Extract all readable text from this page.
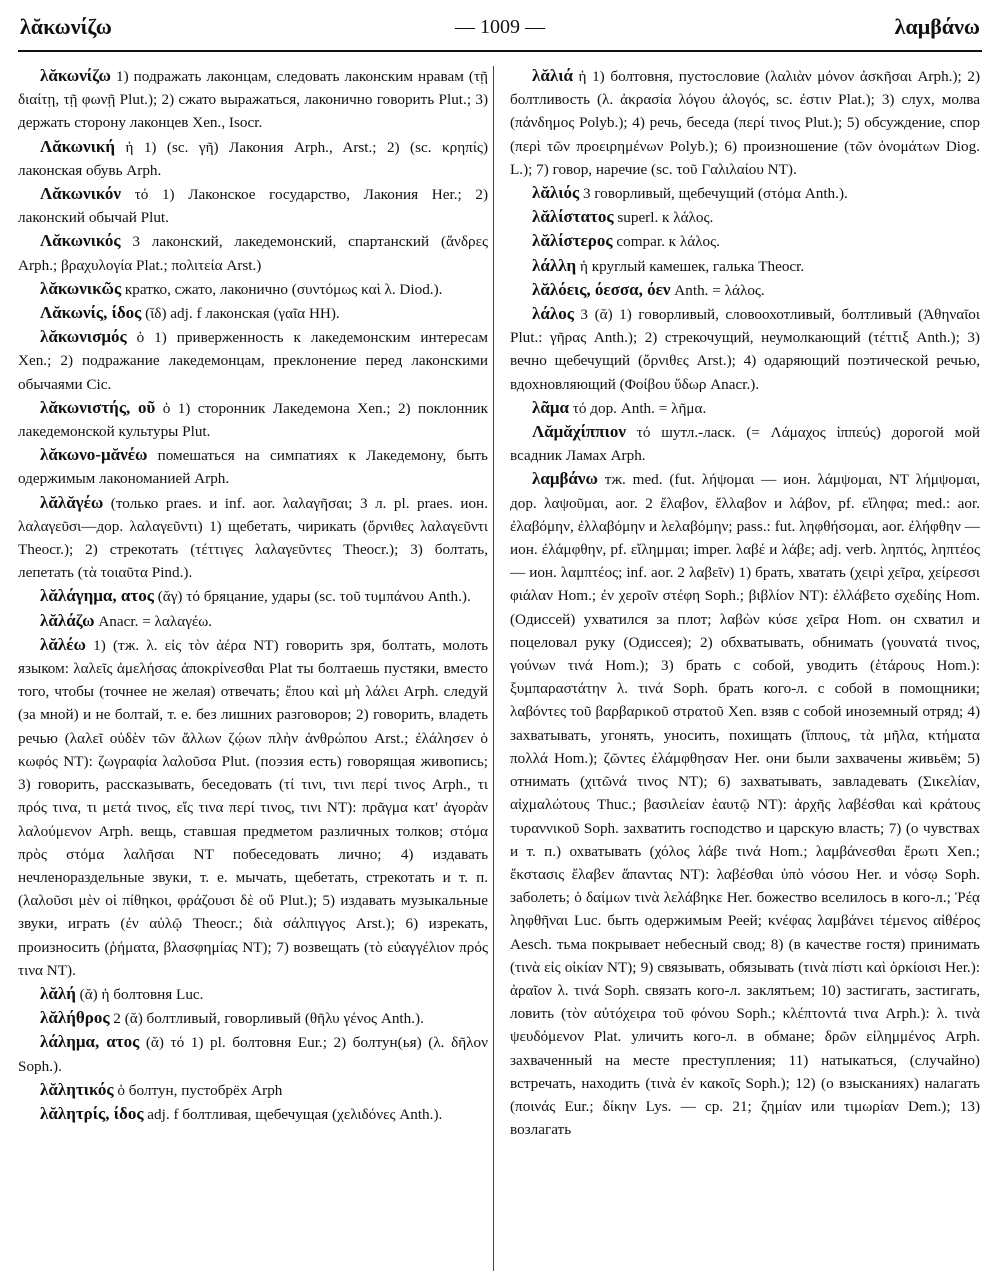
λᾰκωνίζω	— 1009 —	λαμβάνω

λᾰκωνίζω 1) подражать лаконцам, следовать лаконским нравам (τῇ διαίτῃ, τῇ φωνῇ Plut.); 2) сжато выражаться, лаконично говорить Plut.; 3) держать сторону лаконцев Xen., Isocr.

Λᾰκωνική ἡ 1) (sc. γῆ) Лакония Arph., Arst.; 2) (sc. κρηπίς) лаконская обувь Arph.

Λᾰκωνικόν τό 1) Лаконское государство, Лакония Her.; 2) лаконский обычай Plut.

Λᾰκωνικός 3 лаконский, лакедемонский, спартанский (ἄνδρες Arph.; βραχυλογία Plat.; πολιτεία Arst.)

λᾰκωνικῶς кратко, сжато, лаконично (συντόμως καὶ λ. Diod.).

Λᾰκωνίς, ίδος (ῐδ) adj. f лаконская (γαῖα HH).

λᾰκωνισμός ὁ 1) приверженность к лакедемонским интересам Xen.; 2) подражание лакедемонцам, преклонение перед лаконскими обычаями Cic.

λᾰκωνιστής, οῦ ὁ 1) сторонник Лакедемона Xen.; 2) поклонник лакедемонской культуры Plut.

λᾰκωνο-μᾰνέω помешаться на симпатиях к Лакедемону, быть одержимым лакономанией Arph.

λᾰλᾰγέω (только praes. и inf. aor. λαλαγῆσαι; 3 л. pl. praes. ион. λαλαγεῦσι—дор. λαλαγεῦντι) 1) щебетать, чирикать (ὄρνιθες λαλαγεῦντι Theocr.); 2) стрекотать (τέττιγες λαλαγεῦντες Theocr.); 3) болтать, лепетать (τὰ τοιαῦτα Pind.).

λᾰλάγημα, ατος (ᾰγ) τό бряцание, удары (sc. τοῦ τυμπάνου Anth.).

λᾰλάζω Anacr. = λαλαγέω.

λᾰλέω 1) (тж. λ. εἰς τὸν ἀέρα NT) говорить зря, болтать, молоть языком: λαλεῖς ἀμελήσας ἀποκρίνεσθαι Plat ты болтаешь пустяки, вместо того, чтобы (точнее не желая) отвечать; ἔπου καὶ μὴ λάλει Arph. следуй (за мной) и не болтай, т. е. без лишних разговоров; 2) говорить, владеть речью (λαλεῖ οὐδὲν τῶν ἄλλων ζῴων πλὴν ἀνθρώπου Arst.; ἐλάλησεν ὁ κωφός NT): ζωγραφία λαλοῦσα Plut. (поэзия есть) говорящая живопись; 3) говорить, рассказывать, беседовать (τί τινι, τινι περί τινος Arph., τι πρός τινα, τι μετά τινος, εἴς τινα περί τινος, τινι NT): πρᾶγμα κατ' ἀγορὰν λαλούμενον Arph. вещь, ставшая предметом различных толков; στόμα πρὸς στόμα λαλῆσαι NT побеседовать лично; 4) издавать нечленораздельные звуки, т. е. мычать, щебетать, стрекотать и т. п. (λαλοῦσι μὲν οἱ πίθηκοι, φράζουσι δὲ οὔ Plut.); 5) издавать музыкальные звуки, играть (ἐν αὐλῷ Theocr.; διὰ σάλπιγγος Arst.); 6) изрекать, произносить (ῥήματα, βλασφημίας NT); 7) возвещать (τὸ εὐαγγέλιον πρός τινα NT).

λᾰλή (ᾰ) ἡ болтовня Luc.

λᾰλήθρος 2 (ᾰ) болтливый, говорливый (θῆλυ γένος Anth.).

λάλημα, ατος (ᾰ) τό 1) pl. болтовня Eur.; 2) болтун(ья) (λ. δῆλον Soph.).

λᾰλητικός ὁ болтун, пустобрёх Arph

λᾰλητρίς, ίδος adj. f болтливая, щебечущая (χελιδόνες Anth.).

λᾰλιά ἡ 1) болтовня, пустословие (λαλιὰν μόνον ἀσκῆσαι Arph.); 2) болтливость (λ. ἀκρασία λόγου ἀλογός, sc. ἐστιν Plat.); 3) слух, молва (πάνδημος Polyb.); 4) речь, беседа (περί τινος Plut.); 5) обсуждение, спор (περὶ τῶν προειρημένων Polyb.); 6) произношение (τῶν ὀνομάτων Diog. L.); 7) говор, наречие (sc. τοῦ Γαλιλαίου NT).

λᾰλιός 3 говорливый, щебечущий (στόμα Anth.).

λᾰλίστατος superl. к λάλος.

λᾰλίστερος compar. к λάλος.

λάλλη ἡ круглый камешек, галька Theocr.

λᾰλόεις, όεσσα, όεν Anth. = λάλος.

λάλος 3 (ᾰ) 1) говорливый, словоохотливый, болтливый (Ἀθηναῖοι Plut.: γῆρας Anth.); 2) стрекочущий, неумолкающий (τέττιξ Anth.); 3) вечно щебечущий (ὄρνιθες Arst.); 4) одаряющий поэтической речью, вдохновляющий (Φοίβου ὕδωρ Anacr.).

λᾶμα τό дор. Anth. = λῆμα.

Λᾰμᾰχίππιον τό шутл.-ласк. (= Λάμαχος ἱππεύς) дорогой мой всадник Ламах Arph.

λαμβάνω тж. med. (fut. λήψομαι — ион. λάμψομαι, NT λήμψομαι, дор. λαψοῦμαι, aor. 2 ἔλαβον, ἔλλαβον и λάβον, pf. εἴληφα; med.: aor. ἐλαβόμην, ἐλλαβόμην и λελαβόμην; pass.: fut. ληφθήσομαι, aor. ἐλήφθην — ион. ἐλάμφθην, pf. εἴλημμαι; imper. λαβέ и λάβε; adj. verb. ληπτός, ληπτέος — ион. λαμπτέος; inf. aor. 2 λαβεῖν) 1) брать, хватать (χειρὶ χεῖρα, χείρεσσι φιάλαν Hom.; ἐν χεροῖν στέφη Soph.; βιβλίον NT): ἐλλάβετο σχεδίης Hom. (Одиссей) ухватился за плот; λαβὼν κύσε χεῖρα Hom. он схватил и поцеловал руку (Одиссея); 2) обхватывать, обнимать (γουνατά τινος, γούνων τινά Hom.); 3) брать с собой, уводить (ἑτάρους Hom.): ξυμπαραστάτην λ. τινά Soph. брать кого-л. с собой в помощники; λαβόντες τοῦ βαρβαρικοῦ στρατοῦ Xen. взяв с собой иноземный отряд; 4) захватывать, угонять, уносить, похищать (ἵππους, τὰ μῆλα, κτήματα πολλά Hom.); ζῶντες ἐλάμφθησαν Her. они были захвачены живьём; 5) отнимать (χιτῶνά τινος NT); 6) захватывать, завладевать (Σικελίαν, αἰχμαλώτους Thuc.; βασιλείαν ἑαυτῷ NT): ἀρχῆς λαβέσθαι καὶ κράτους τυραννικοῦ Soph. захватить господство и царскую власть; 7) (о чувствах и т. п.) охватывать (χόλος λάβε τινά Hom.; λαμβάνεσθαι ἔρωτι Xen.; ἔκστασις ἔλαβεν ἅπαντας NT): λαβέσθαι ὑπὸ νόσου Her. и νόσῳ Soph. заболеть; ὁ δαίμων τινὰ λελάβηκε Her. божество вселилось в кого-л.; Ῥέᾳ ληφθῆναι Luc. быть одержимым Реей; κνέφας λαμβάνει τέμενος αἰθέρος Aesch. тьма покрывает небесный свод; 8) (в качестве гостя) принимать (τινὰ εἰς οἰκίαν NT); 9) связывать, обязывать (τινὰ πίστι καὶ ὁρκίοισι Her.): ἀραῖον λ. τινά Soph. связать кого-л. заклятьем; 10) застигать, застигать, ловить (τὸν αὐτόχειρα τοῦ φόνου Soph.; κλέπτοντά τινα Arph.): λ. τινὰ ψευδόμενον Plat. уличить кого-л. в обмане; δρῶν εἰλημμένος Arph. захваченный на месте преступления; 11) натыкаться, (случайно) встречать, находить (τινὰ ἐν κακοῖς Soph.); 12) (о взысканиях) налагать (ποινάς Eur.; δίκην Lys. — ср. 21; ζημίαν или τιμωρίαν Dem.); 13) возлагать
